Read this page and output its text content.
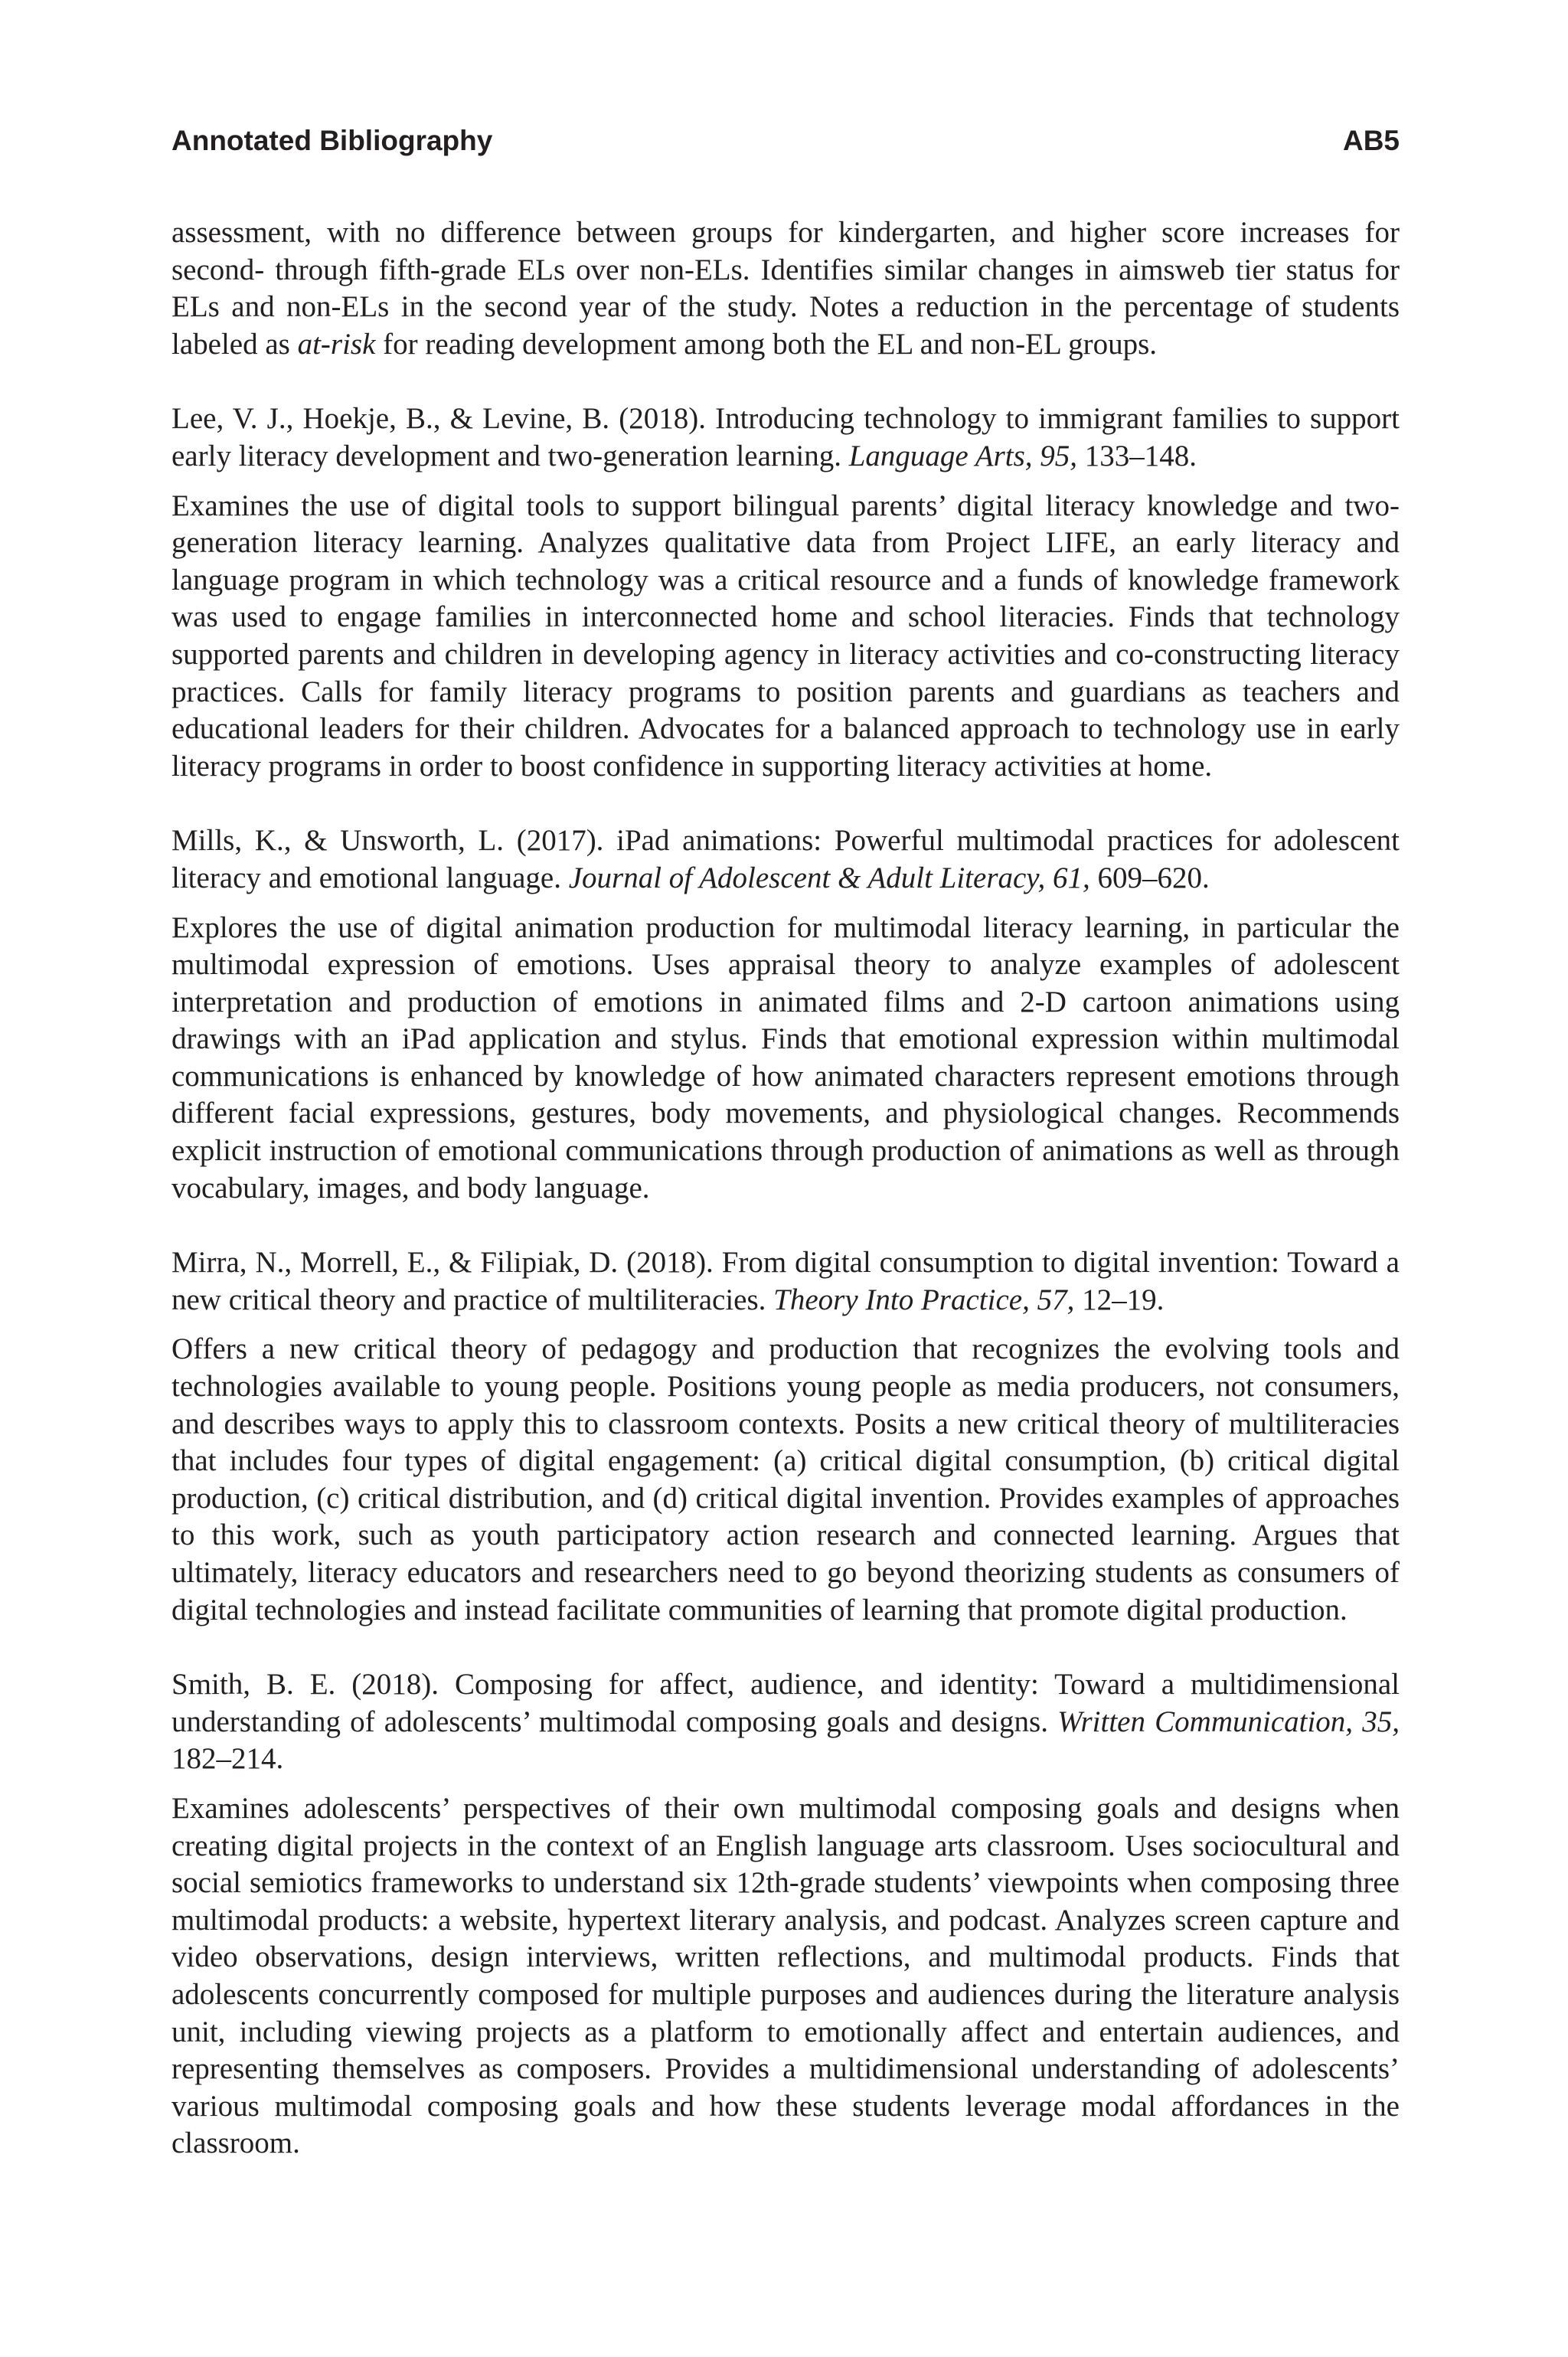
Annotated Bibliography	AB5

assessment, with no difference between groups for kindergarten, and higher score increases for second- through fifth-grade ELs over non-ELs. Identifies similar changes in aimsweb tier status for ELs and non-ELs in the second year of the study. Notes a reduction in the percentage of students labeled as at-risk for reading development among both the EL and non-EL groups.

Lee, V. J., Hoekje, B., & Levine, B. (2018). Introducing technology to immigrant families to support early literacy development and two-generation learning. Language Arts, 95, 133–148.

Examines the use of digital tools to support bilingual parents’ digital literacy knowledge and two-generation literacy learning. Analyzes qualitative data from Project LIFE, an early literacy and language program in which technology was a critical resource and a funds of knowledge framework was used to engage families in interconnected home and school literacies. Finds that technology supported parents and children in developing agency in literacy activities and co-constructing literacy practices. Calls for family literacy programs to position parents and guardians as teachers and educational leaders for their children. Advocates for a balanced approach to technology use in early literacy programs in order to boost confidence in supporting literacy activities at home.

Mills, K., & Unsworth, L. (2017). iPad animations: Powerful multimodal practices for adolescent literacy and emotional language. Journal of Adolescent & Adult Literacy, 61, 609–620.

Explores the use of digital animation production for multimodal literacy learning, in particular the multimodal expression of emotions. Uses appraisal theory to analyze examples of adolescent interpretation and production of emotions in animated films and 2-D cartoon animations using drawings with an iPad application and stylus. Finds that emotional expression within multimodal communications is enhanced by knowledge of how animated characters represent emotions through different facial expressions, gestures, body movements, and physiological changes. Recommends explicit instruction of emotional communications through production of animations as well as through vocabulary, images, and body language.

Mirra, N., Morrell, E., & Filipiak, D. (2018). From digital consumption to digital invention: Toward a new critical theory and practice of multiliteracies. Theory Into Practice, 57, 12–19.

Offers a new critical theory of pedagogy and production that recognizes the evolving tools and technologies available to young people. Positions young people as media producers, not consumers, and describes ways to apply this to classroom contexts. Posits a new critical theory of multiliteracies that includes four types of digital engagement: (a) critical digital consumption, (b) critical digital production, (c) critical distribution, and (d) critical digital invention. Provides examples of approaches to this work, such as youth participatory action research and connected learning. Argues that ultimately, literacy educators and researchers need to go beyond theorizing students as consumers of digital technologies and instead facilitate communities of learning that promote digital production.

Smith, B. E. (2018). Composing for affect, audience, and identity: Toward a multidimensional understanding of adolescents’ multimodal composing goals and designs. Written Communication, 35, 182–214.

Examines adolescents’ perspectives of their own multimodal composing goals and designs when creating digital projects in the context of an English language arts classroom. Uses sociocultural and social semiotics frameworks to understand six 12th-grade students’ viewpoints when composing three multimodal products: a website, hypertext literary analysis, and podcast. Analyzes screen capture and video observations, design interviews, written reflections, and multimodal products. Finds that adolescents concurrently composed for multiple purposes and audiences during the literature analysis unit, including viewing projects as a platform to emotionally affect and entertain audiences, and representing themselves as composers. Provides a multidimensional understanding of adolescents’ various multimodal composing goals and how these students leverage modal affordances in the classroom.
